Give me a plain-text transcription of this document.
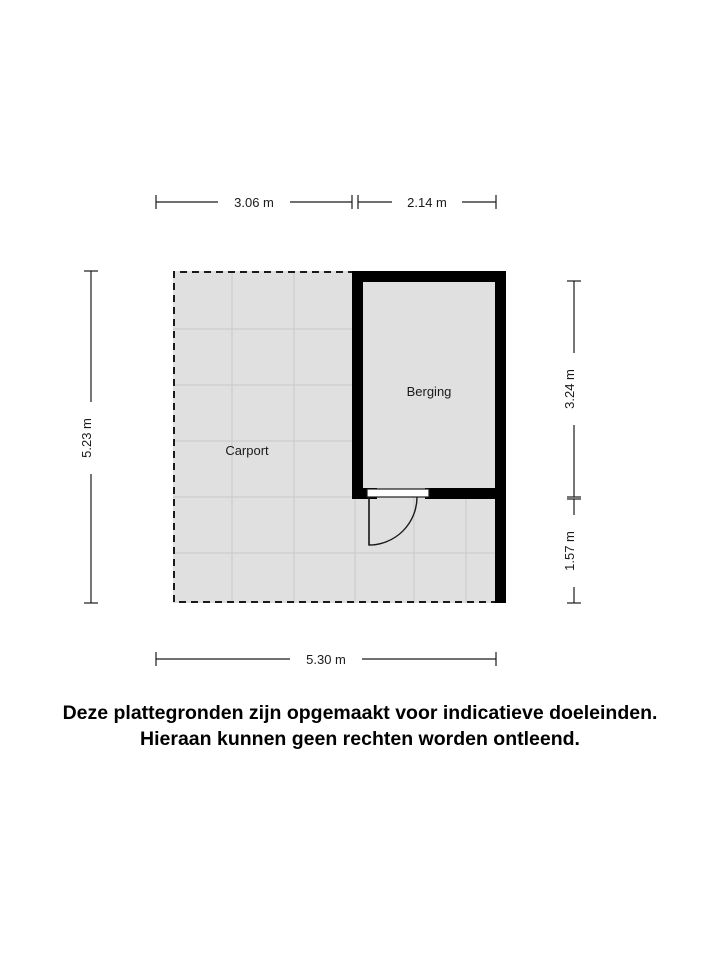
Carport
Berging
3.06 m	2.14 m
5.23 m
3.24 m
1.57 m
5.30 m
Deze plattegronden zijn opgemaakt voor indicatieve doeleinden.
Hieraan kunnen geen rechten worden ontleend.
